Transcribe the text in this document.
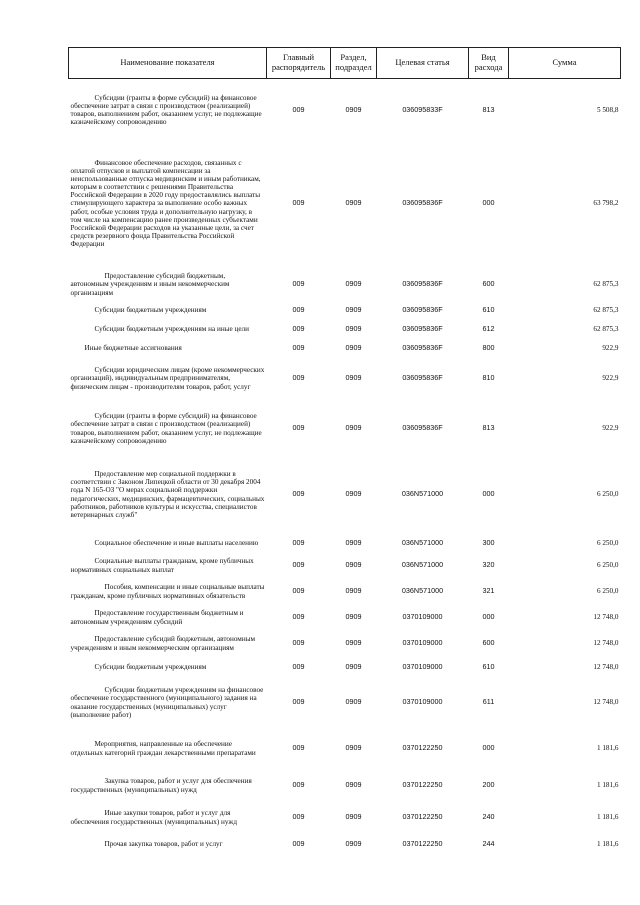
Наименование показателя	Главный распорядитель	Раздел, подраздел	Целевая статья	Вид расхода	Сумма
Субсидии (гранты в форме субсидий) на финансовое обеспечение затрат в связи с производством (реализацией) товаров, выполнением работ, оказанием услуг, не подлежащие казначейскому сопровождению	009	0909	036095833F	813	5 508,8
Финансовое обеспечение расходов, связанных с оплатой отпусков и выплатой компенсации за неиспользованные отпуска медицинским и иным работникам, которым в соответствии с решениями Правительства Российской Федерации в 2020 году предоставлялись выплаты стимулирующего характера за выполнение особо важных работ, особые условия труда и дополнительную нагрузку, в том числе на компенсацию ранее произведенных субъектами Российской Федерации расходов на указанные цели, за счет средств резервного фонда Правительства Российской Федерации	009	0909	036095836F	000	63 798,2
Предоставление субсидий бюджетным, автономным учреждениям и иным некоммерческим организациям	009	0909	036095836F	600	62 875,3
Субсидии бюджетным учреждениям	009	0909	036095836F	610	62 875,3
Субсидии бюджетным учреждениям на иные цели	009	0909	036095836F	612	62 875,3
Иные бюджетные ассигнования	009	0909	036095836F	800	922,9
Субсидии юридическим лицам (кроме некоммерческих организаций), индивидуальным предпринимателям, физическим лицам - производителям товаров, работ, услуг	009	0909	036095836F	810	922,9
Субсидии (гранты в форме субсидий) на финансовое обеспечение затрат в связи с производством (реализацией) товаров, выполнением работ, оказанием услуг, не подлежащие казначейскому сопровождению	009	0909	036095836F	813	922,9
Предоставление мер социальной поддержки в соответствии с Законом Липецкой области от 30 декабря 2004 года N 165-ОЗ "О мерах социальной поддержки педагогических, медицинских, фармацевтических, социальных работников, работников культуры и искусства, специалистов ветеринарных служб"	009	0909	036N571000	000	6 250,0
Социальное обеспечение и иные выплаты населению	009	0909	036N571000	300	6 250,0
Социальные выплаты гражданам, кроме публичных нормативных социальных выплат	009	0909	036N571000	320	6 250,0
Пособия, компенсации и иные социальные выплаты гражданам, кроме публичных нормативных обязательств	009	0909	036N571000	321	6 250,0
Предоставление государственным бюджетным и автономным учреждениям субсидий	009	0909	0370109000	000	12 748,0
Предоставление субсидий бюджетным, автономным учреждениям и иным некоммерческим организациям	009	0909	0370109000	600	12 748,0
Субсидии бюджетным учреждениям	009	0909	0370109000	610	12 748,0
Субсидии бюджетным учреждениям на финансовое обеспечение государственного (муниципального) задания на оказание государственных (муниципальных) услуг (выполнение работ)	009	0909	0370109000	611	12 748,0
Мероприятия, направленные на обеспечение отдельных категорий граждан лекарственными препаратами	009	0909	0370122250	000	1 181,6
Закупка товаров, работ и услуг для обеспечения государственных (муниципальных) нужд	009	0909	0370122250	200	1 181,6
Иные закупки товаров, работ и услуг для обеспечения государственных (муниципальных) нужд	009	0909	0370122250	240	1 181,6
Прочая закупка товаров, работ и услуг	009	0909	0370122250	244	1 181,6
